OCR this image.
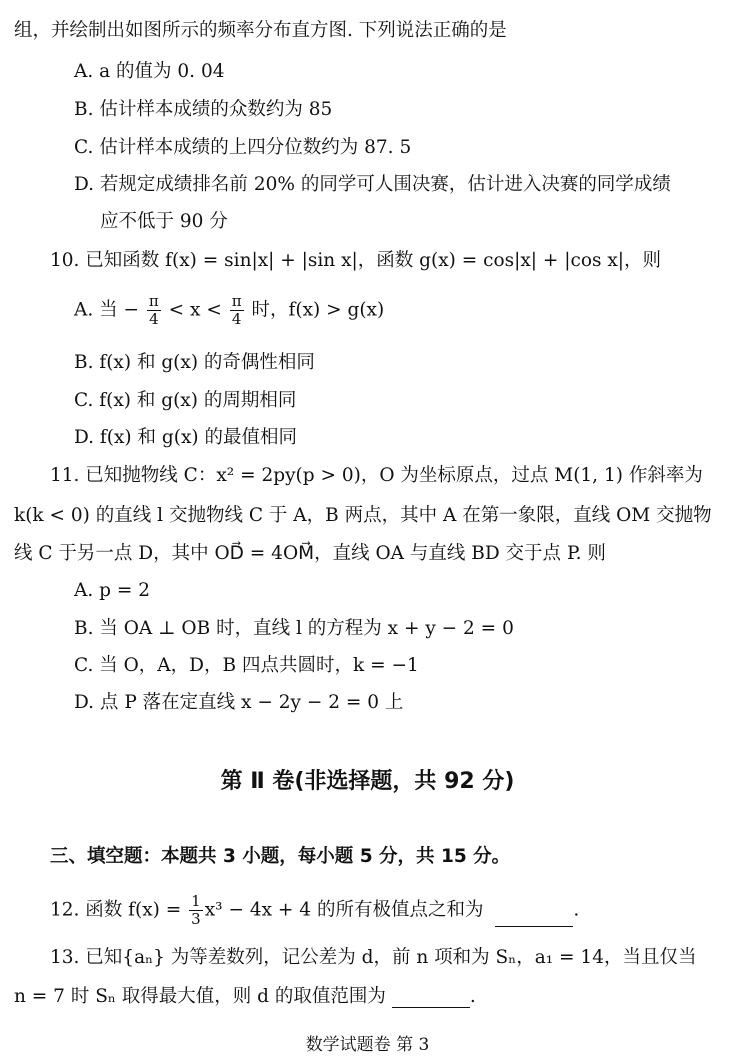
组，并绘制出如图所示的频率分布直方图. 下列说法正确的是
A. a 的值为 0. 04
B. 估计样本成绩的众数约为 85
C. 估计样本成绩的上四分位数约为 87. 5
D. 若规定成绩排名前 20% 的同学可人围决赛，估计进入决赛的同学成绩
应不低于 90 分
10. 已知函数 f(x) = sin|x| + |sin x|，函数 g(x) = cos|x| + |cos x|，则
A. 当 − $\frac{\pi}{4} < x < \frac{\pi}{4}$ 时，f(x) > g(x)
B. f(x) 和 g(x) 的奇偶性相同
C. f(x) 和 g(x) 的周期相同
D. f(x) 和 g(x) 的最值相同
11. 已知抛物线 C：x² = 2py(p > 0)，O 为坐标原点，过点 M(1, 1) 作斜率为
k(k < 0) 的直线 l 交抛物线 C 于 A，B 两点，其中 A 在第一象限，直线 OM 交抛物
线 C 于另一点 D，其中 OD⃗ = 4OM⃗，直线 OA 与直线 BD 交于点 P. 则
A. p = 2
B. 当 OA ⊥ OB 时，直线 l 的方程为 x + y − 2 = 0
C. 当 O，A，D，B 四点共圆时，k = −1
D. 点 P 落在定直线 x − 2y − 2 = 0 上
第 Ⅱ 卷(非选择题，共 92 分)
三、填空题：本题共 3 小题，每小题 5 分，共 15 分。
12. 函数 $f(x) = \frac{1}{3} x^3 - 4x + 4$ 的所有极值点之和为	.
13. 已知{aₙ} 为等差数列，记公差为 d，前 n 项和为 Sₙ，a₁ = 14，当且仅当
n = 7 时 Sₙ 取得最大值，则 d 的取值范围为	.
数学试题卷 第 3
